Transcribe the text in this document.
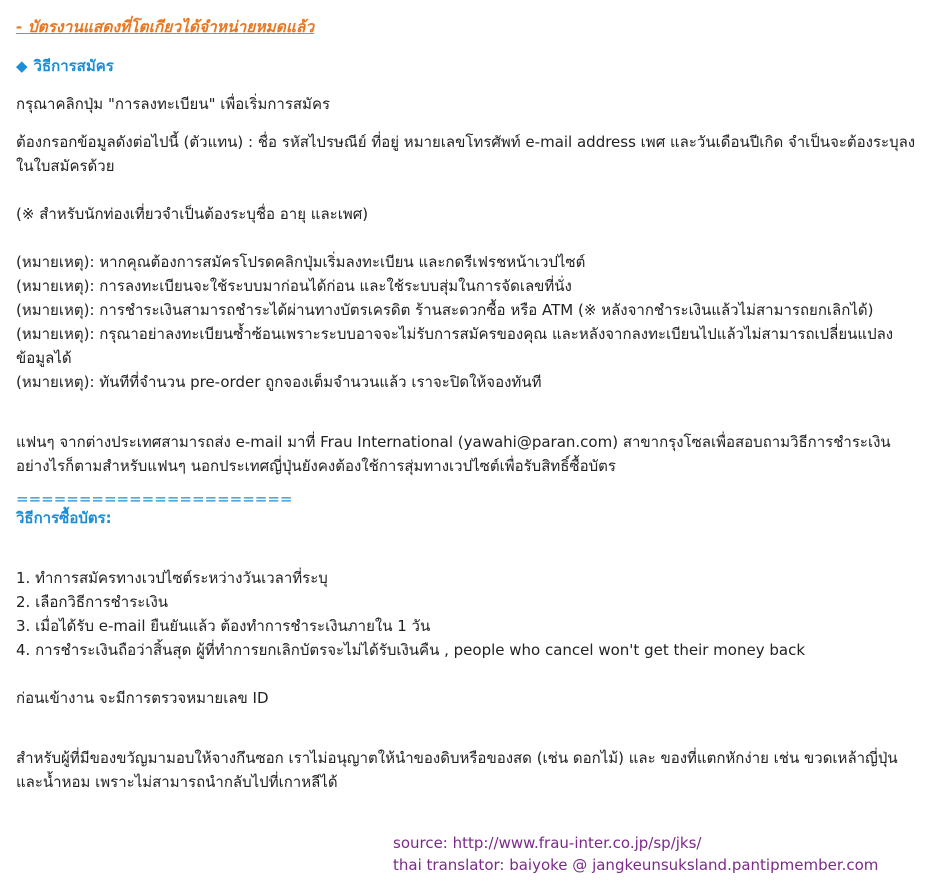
- บัตรงานแสดงที่โตเกียวได้จำหน่ายหมดแล้ว

◆ วิธีการสมัคร

กรุณาคลิกปุ่ม "การลงทะเบียน" เพื่อเริ่มการสมัคร

ต้องกรอกข้อมูลดังต่อไปนี้ (ตัวแทน) : ชื่อ รหัสไปรษณีย์ ที่อยู่ หมายเลขโทรศัพท์ e-mail address เพศ และวันเดือนปีเกิด จำเป็นจะต้องระบุลงในใบสมัครด้วย

(※ สำหรับนักท่องเที่ยวจำเป็นต้องระบุชื่อ อายุ และเพศ)

(หมายเหตุ): หากคุณต้องการสมัครโปรดคลิกปุ่มเริ่มลงทะเบียน และกดรีเฟรชหน้าเวปไซต์

(หมายเหตุ): การลงทะเบียนจะใช้ระบบมาก่อนได้ก่อน และใช้ระบบสุ่มในการจัดเลขที่นั่ง

(หมายเหตุ): การชำระเงินสามารถชำระได้ผ่านทางบัตรเครดิต ร้านสะดวกซื้อ หรือ ATM (※ หลังจากชำระเงินแล้วไม่สามารถยกเลิกได้)

(หมายเหตุ): กรุณาอย่าลงทะเบียนซ้ำซ้อนเพราะระบบอาจจะไม่รับการสมัครของคุณ และหลังจากลงทะเบียนไปแล้วไม่สามารถเปลี่ยนแปลงข้อมูลได้

(หมายเหตุ): ทันทีที่จำนวน pre-order ถูกจองเต็มจำนวนแล้ว เราจะปิดให้จองทันที

แฟนๆ จากต่างประเทศสามารถส่ง e-mail มาที่ Frau International (yawahi@paran.com) สาขากรุงโซลเพื่อสอบถามวิธีการชำระเงิน อย่างไรก็ตามสำหรับแฟนๆ นอกประเทศญี่ปุ่นยังคงต้องใช้การสุ่มทางเวปไซต์เพื่อรับสิทธิ์ซื้อบัตร

======================

วิธีการซื้อบัตร:

1. ทำการสมัครทางเวปไซต์ระหว่างวันเวลาที่ระบุ

2. เลือกวิธีการชำระเงิน

3. เมื่อได้รับ e-mail ยืนยันแล้ว ต้องทำการชำระเงินภายใน 1 วัน

4. การชำระเงินถือว่าสิ้นสุด ผู้ที่ทำการยกเลิกบัตรจะไม่ได้รับเงินคืน , people who cancel won't get their money back

ก่อนเข้างาน จะมีการตรวจหมายเลข ID

สำหรับผู้ที่มีของขวัญมามอบให้จางกึนซอก เราไม่อนุญาตให้นำของดิบหรือของสด (เช่น ดอกไม้) และ ของที่แตกหักง่าย เช่น ขวดเหล้าญี่ปุ่นและน้ำหอม เพราะไม่สามารถนำกลับไปที่เกาหลีได้

source: http://www.frau-inter.co.jp/sp/jks/
thai translator: baiyoke @ jangkeunsuksland.pantipmember.com
